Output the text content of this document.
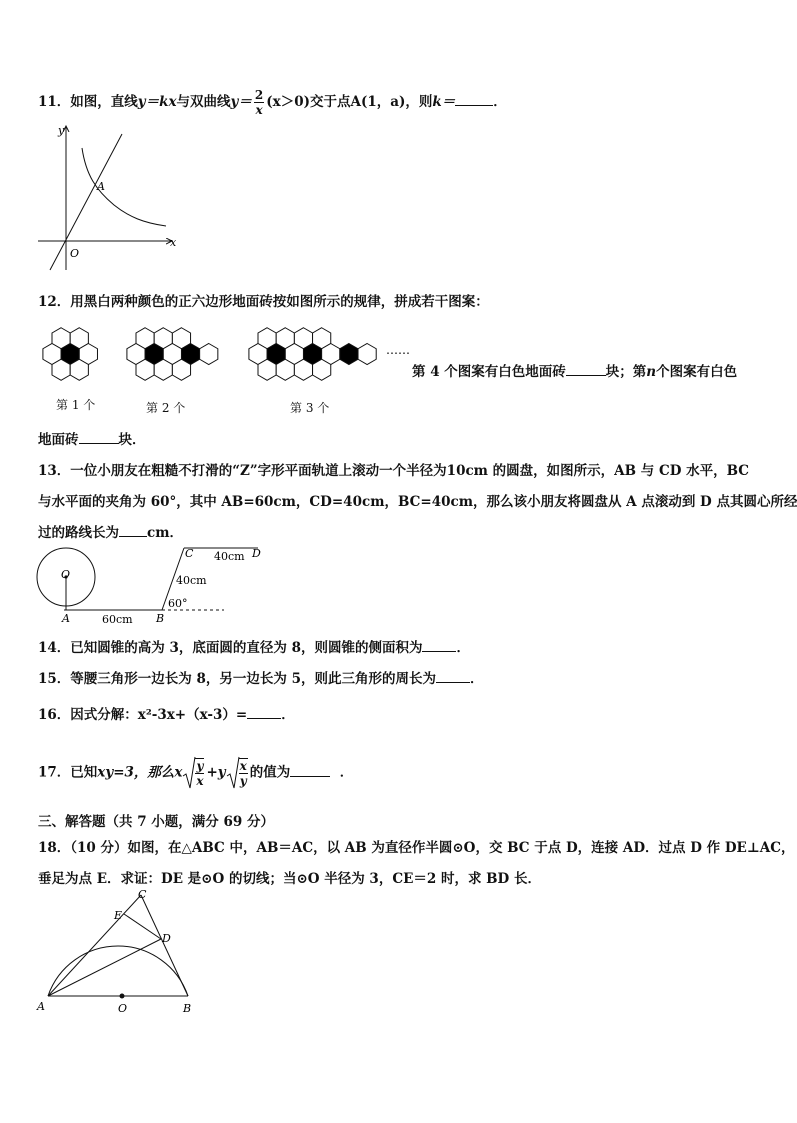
11．如图，直线y＝kx与双曲线$y= \frac{2}{x} (x>0)$交于点A(1，a)，则k＝	．
y
x
O
A
12．用黑白两种颜色的正六边形地面砖按如图所示的规律，拼成若干图案：
……
第 4 个图案有白色地面砖	块；第n个图案有白色
第 1 个	第 2 个	第 3 个
地面砖	块．
13．一位小朋友在粗糙不打滑的“Z”字形平面轨道上滚动一个半径为10cm 的圆盘，如图所示，AB 与 CD 水平，BC
与水平面的夹角为 60°，其中 AB=60cm，CD=40cm，BC=40cm，那么该小朋友将圆盘从 A 点滚动到 D 点其圆心所经
过的路线长为 cm．
O
A	B
C	D
60cm
40cm
40cm
60°
14．已知圆锥的高为 3，底面圆的直径为 8，则圆锥的侧面积为	．
15．等腰三角形一边长为 8，另一边长为 5，则此三角形的周长为	．
16．因式分解：x²-3x+（x-3）=	．
17．已知xy=3，那么x $\frac{y}{x} +y \frac{x}{y}$ 的值为	．
三、解答题（共 7 小题，满分 69 分）
18．（10 分）如图，在△ABC 中，AB＝AC，以 AB 为直径作半圆⊙O，交 BC 于点 D，连接 AD．过点 D 作 DE⊥AC，
垂足为点 E．求证：DE 是⊙O 的切线；当⊙O 半径为 3，CE＝2 时，求 BD 长．
A	B
C
D
E
O
